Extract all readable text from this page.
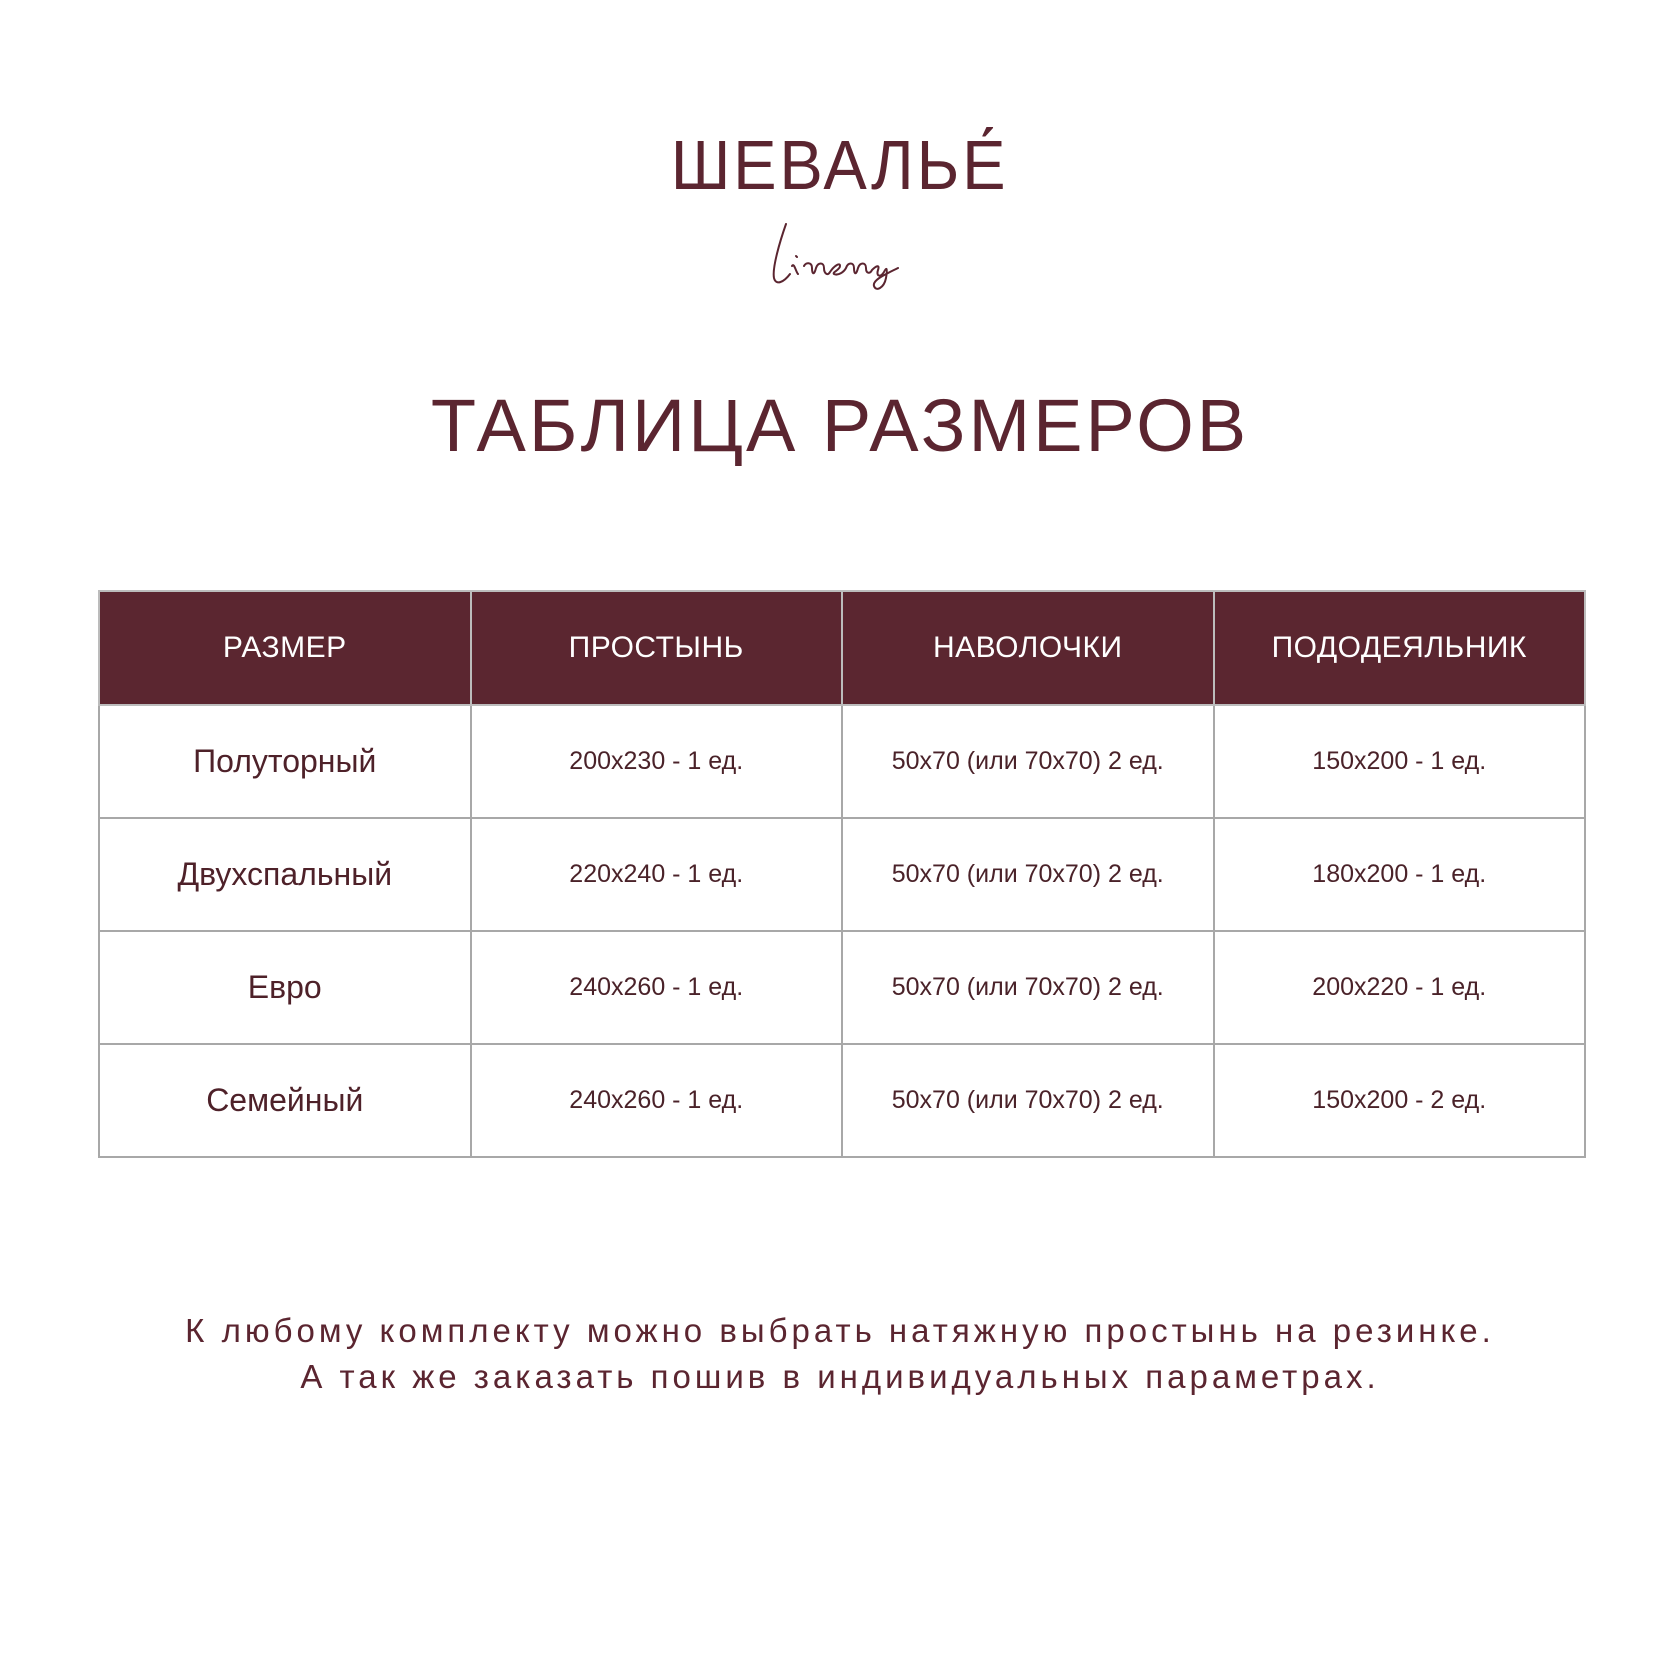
ШЕВАЛЬЕ́
ТАБЛИЦА РАЗМЕРОВ
РАЗМЕР	ПРОСТЫНЬ	НАВОЛОЧКИ	ПОДОДЕЯЛЬНИК
Полуторный	200x230 - 1 ед.	50x70 (или 70x70) 2 ед.	150x200 - 1 ед.
Двухспальный	220x240 - 1 ед.	50x70 (или 70x70) 2 ед.	180x200 - 1 ед.
Евро	240x260 - 1 ед.	50x70 (или 70x70) 2 ед.	200x220 - 1 ед.
Семейный	240x260 - 1 ед.	50x70 (или 70x70) 2 ед.	150x200 - 2 ед.
К любому комплекту можно выбрать натяжную простынь на резинке.
А так же заказать пошив в индивидуальных параметрах.
